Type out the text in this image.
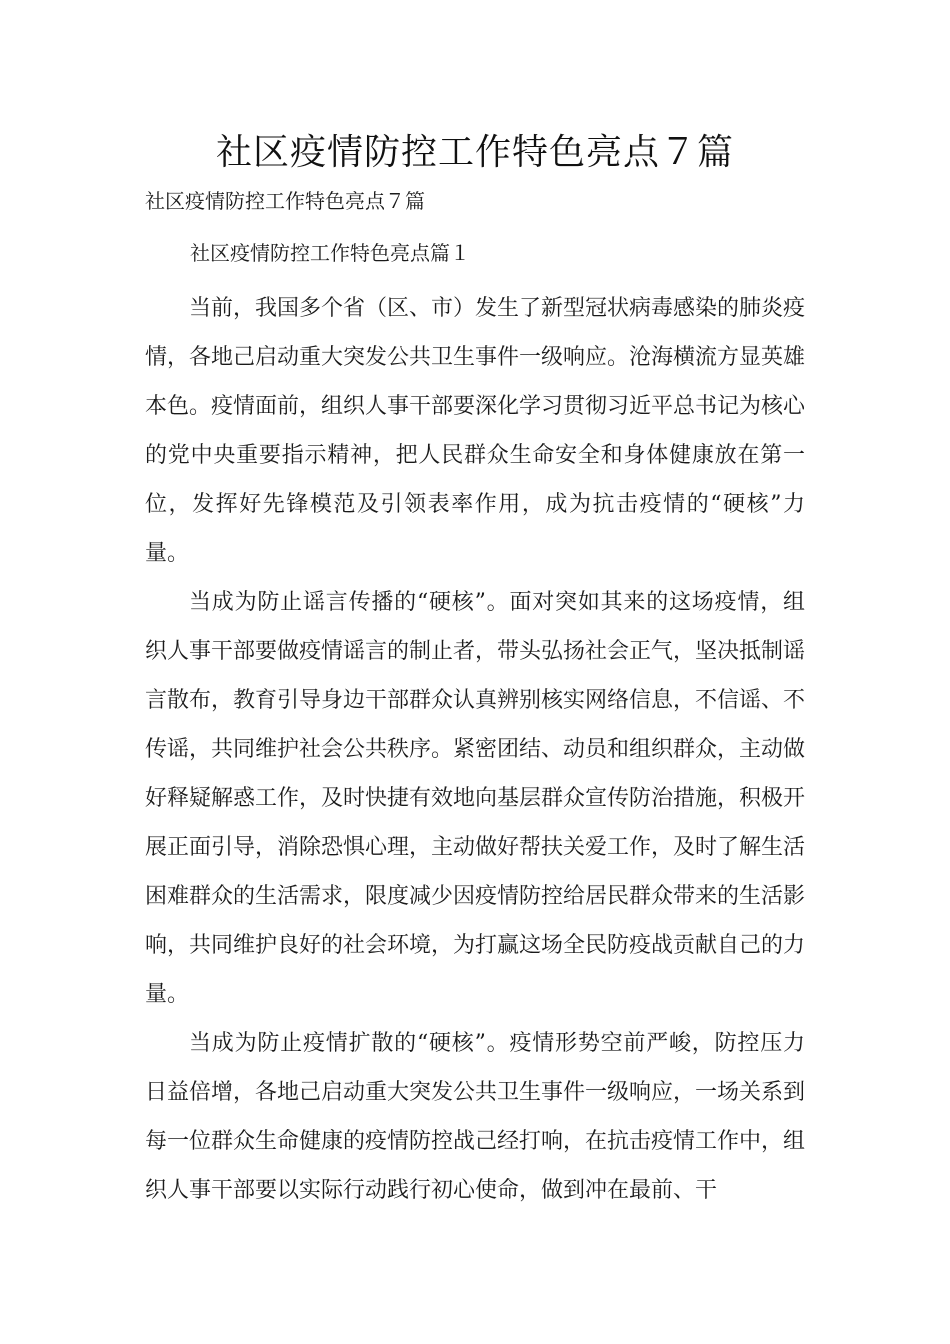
社区疫情防控工作特色亮点７篇

社区疫情防控工作特色亮点７篇

社区疫情防控工作特色亮点篇１

当前，我国多个省（区、市）发生了新型冠状病毒感染的肺炎疫情，各地己启动重大突发公共卫生事件一级响应。沧海横流方显英雄本色。疫情面前，组织人事干部要深化学习贯彻习近平总书记为核心的党中央重要指示精神，把人民群众生命安全和身体健康放在第一位，发挥好先锋模范及引领表率作用，成为抗击疫情的“硬核”力量。

当成为防止谣言传播的“硬核”。面对突如其来的这场疫情，组织人事干部要做疫情谣言的制止者，带头弘扬社会正气，坚决抵制谣言散布，教育引导身边干部群众认真辨别核实网络信息，不信谣、不传谣，共同维护社会公共秩序。紧密团结、动员和组织群众，主动做好释疑解惑工作，及时快捷有效地向基层群众宣传防治措施，积极开展正面引导，消除恐惧心理，主动做好帮扶关爱工作，及时了解生活困难群众的生活需求，限度减少因疫情防控给居民群众带来的生活影响，共同维护良好的社会环境，为打赢这场全民防疫战贡献自己的力量。

当成为防止疫情扩散的“硬核”。疫情形势空前严峻，防控压力日益倍增，各地己启动重大突发公共卫生事件一级响应，一场关系到每一位群众生命健康的疫情防控战己经打响，在抗击疫情工作中，组织人事干部要以实际行动践行初心使命，做到冲在最前、干
